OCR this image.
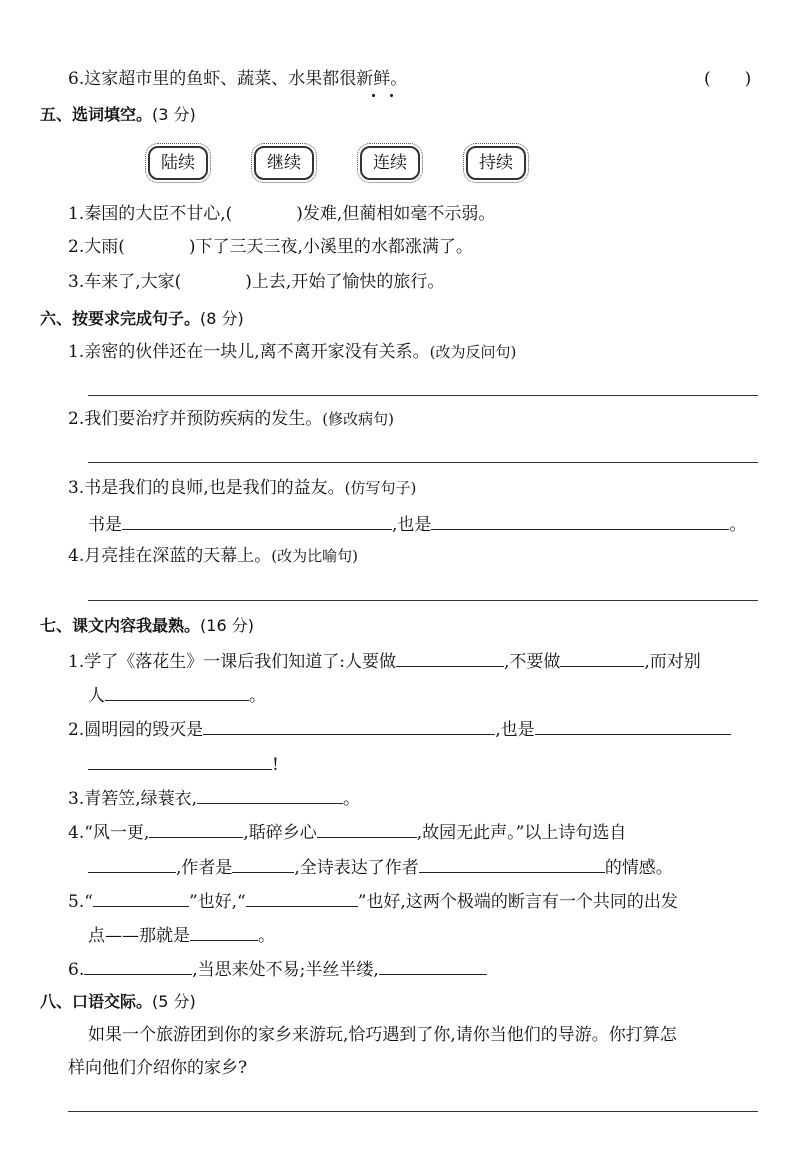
6.这家超市里的鱼虾、蔬菜、水果都很新鲜。	(　　)
五、选词填空。(3 分)
陆续	继续	连续	持续
1.秦国的大臣不甘心,(	)发难,但蔺相如毫不示弱。
2.大雨(	)下了三天三夜,小溪里的水都涨满了。
3.车来了,大家(	)上去,开始了愉快的旅行。
六、按要求完成句子。(8 分)
1.亲密的伙伴还在一块儿,离不离开家没有关系。(改为反问句)
2.我们要治疗并预防疾病的发生。(修改病句)
3.书是我们的良师,也是我们的益友。(仿写句子)
书是	,也是	。
4.月亮挂在深蓝的天幕上。(改为比喻句)
七、课文内容我最熟。(16 分)
1.学了《落花生》一课后我们知道了:人要做	,不要做	,而对别
人	。
2.圆明园的毁灭是	,也是
!
3.青箬笠,绿蓑衣,	。
4.“风一更,	,聒碎乡心	,故园无此声。”以上诗句选自
,作者是	,全诗表达了作者	的情感。
5.“	”也好,“	”也好,这两个极端的断言有一个共同的出发
点——那就是	。
6.	,当思来处不易;半丝半缕,
八、口语交际。(5 分)
如果一个旅游团到你的家乡来游玩,恰巧遇到了你,请你当他们的导游。你打算怎
样向他们介绍你的家乡?
